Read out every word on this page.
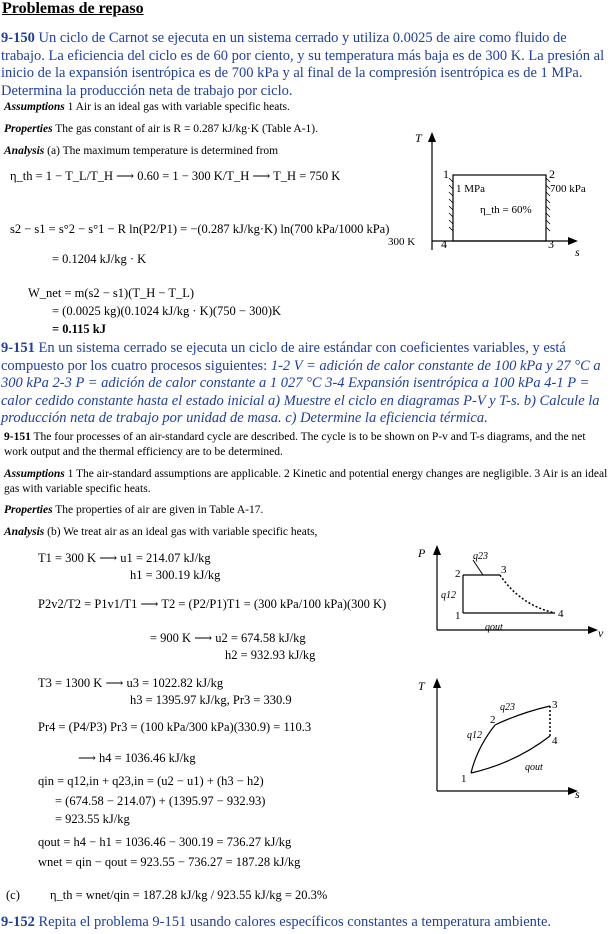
Problemas de repaso
9-150 Un ciclo de Carnot se ejecuta en un sistema cerrado y utiliza 0.0025 de aire como fluido de trabajo. La eficiencia del ciclo es de 60 por ciento, y su temperatura más baja es de 300 K. La presión al inicio de la expansión isentrópica es de 700 kPa y al final de la compresión isentrópica es de 1 MPa. Determina la producción neta de trabajo por ciclo.
Assumptions 1 Air is an ideal gas with variable specific heats.
Properties The gas constant of air is R = 0.287 kJ/kg·K (Table A-1).
Analysis (a) The maximum temperature is determined from
η_th = 1 − T_L/T_H ⟶ 0.60 = 1 − 300 K/T_H ⟶ T_H = 750 K
s2 − s1 = s°2 − s°1 − R ln(P2/P1) = −(0.287 kJ/kg·K) ln(700 kPa/1000 kPa)
= 0.1204 kJ/kg · K
W_net = m(s2 − s1)(T_H − T_L)
= (0.0025 kg)(0.1024 kJ/kg · K)(750 − 300)K
= 0.115 kJ
T
s
1	2
3
4
1 MPa	700 kPa
η_th = 60%
300 K
9-151 En un sistema cerrado se ejecuta un ciclo de aire estándar con coeficientes variables, y está compuesto por los cuatro procesos siguientes: 1-2 V = adición de calor constante de 100 kPa y 27 °C a 300 kPa 2-3 P = adición de calor constante a 1 027 °C 3-4 Expansión isentrópica a 100 kPa 4-1 P = calor cedido constante hasta el estado inicial a) Muestre el ciclo en diagramas P-V y T-s. b) Calcule la producción neta de trabajo por unidad de masa. c) Determine la eficiencia térmica.
9-151 The four processes of an air-standard cycle are described. The cycle is to be shown on P-v and T-s diagrams, and the net work output and the thermal efficiency are to be determined.
Assumptions 1 The air-standard assumptions are applicable. 2 Kinetic and potential energy changes are negligible. 3 Air is an ideal gas with variable specific heats.
Properties The properties of air are given in Table A-17.
Analysis (b) We treat air as an ideal gas with variable specific heats,
T1 = 300 K ⟶ u1 = 214.07 kJ/kg
h1 = 300.19 kJ/kg
P2v2/T2 = P1v1/T1 ⟶ T2 = (P2/P1)T1 = (300 kPa/100 kPa)(300 K)
= 900 K ⟶ u2 = 674.58 kJ/kg
h2 = 932.93 kJ/kg
T3 = 1300 K ⟶ u3 = 1022.82 kJ/kg
h3 = 1395.97 kJ/kg, Pr3 = 330.9
Pr4 = (P4/P3) Pr3 = (100 kPa/300 kPa)(330.9) = 110.3
⟶ h4 = 1036.46 kJ/kg
qin = q12,in + q23,in = (u2 − u1) + (h3 − h2)
= (674.58 − 214.07) + (1395.97 − 932.93)
= 923.55 kJ/kg
qout = h4 − h1 = 1036.46 − 300.19 = 736.27 kJ/kg
wnet = qin − qout = 923.55 − 736.27 = 187.28 kJ/kg
(c) η_th = wnet/qin = 187.28 kJ/kg / 923.55 kJ/kg = 20.3%
P
v
q23
q12
qout
1
2	3
4
T
s
q23
q12
qout
1
2
3
4
9-152 Repita el problema 9-151 usando calores específicos constantes a temperatura ambiente.
